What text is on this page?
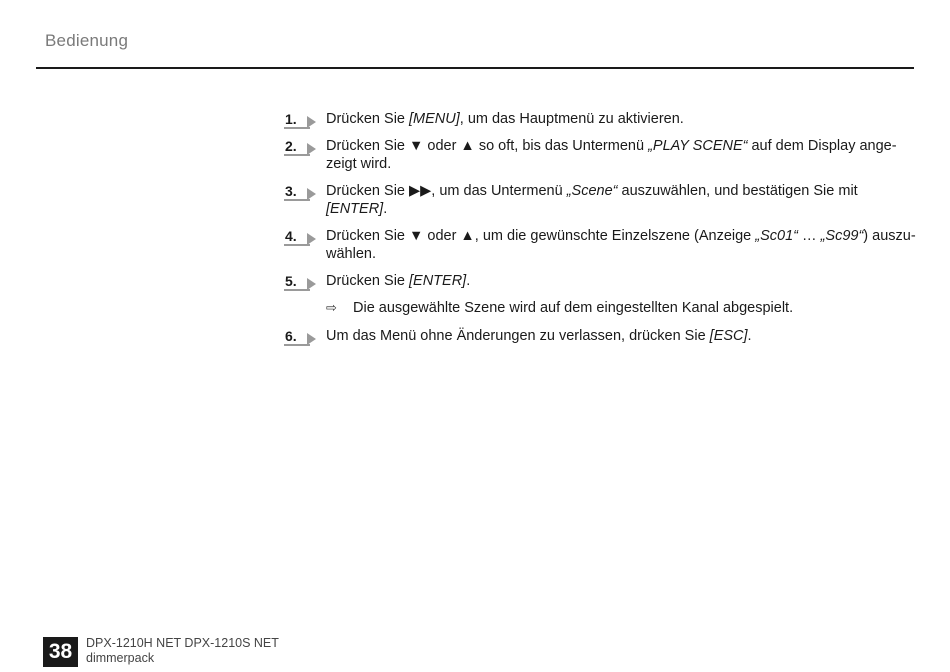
Bedienung
1. Drücken Sie [MENU], um das Hauptmenü zu aktivieren.
2. Drücken Sie ▼ oder ▲ so oft, bis das Untermenü „PLAY SCENE“ auf dem Display ange-zeigt wird.
3. Drücken Sie ▶▶, um das Untermenü „Scene“ auszuwählen, und bestätigen Sie mit [ENTER].
4. Drücken Sie ▼ oder ▲, um die gewünschte Einzelszene (Anzeige „Sc01“ … „Sc99“) auszu-wählen.
5. Drücken Sie [ENTER].
⇨ Die ausgewählte Szene wird auf dem eingestellten Kanal abgespielt.
6. Um das Menü ohne Änderungen zu verlassen, drücken Sie [ESC].
38	DPX-1210H NET DPX-1210S NET
dimmerpack
